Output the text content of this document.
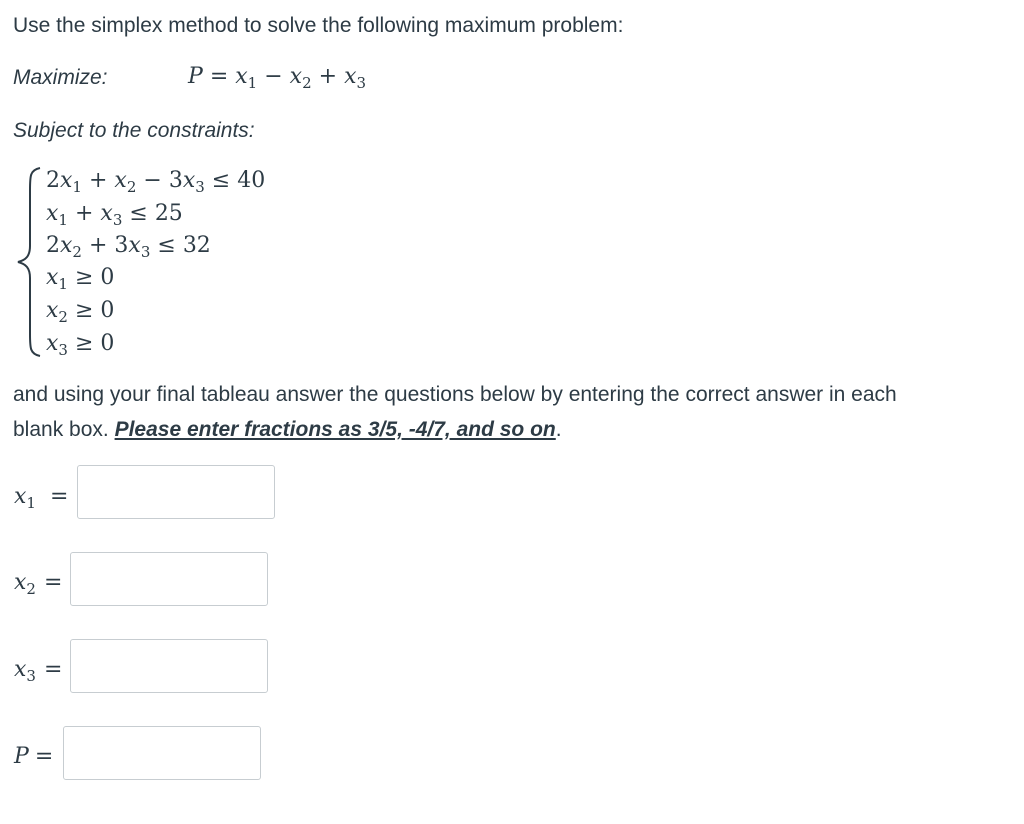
Use the simplex method to solve the following maximum problem:
Maximize:	$P = x_1 - x_2 + x_3$
Subject to the constraints:
$2x_1 + x_2 - 3x_3 \le 40$
$x_1 + x_3 \le 25$
$2x_2 + 3x_3 \le 32$
$x_1 \ge 0$
$x_2 \ge 0$
$x_3 \ge 0$
and using your final tableau answer the questions below by entering the correct answer in each
blank box. Please enter fractions as 3/5, -4/7, and so on.
$x_1$ =
$x_2$ =
$x_3$ =
P =
